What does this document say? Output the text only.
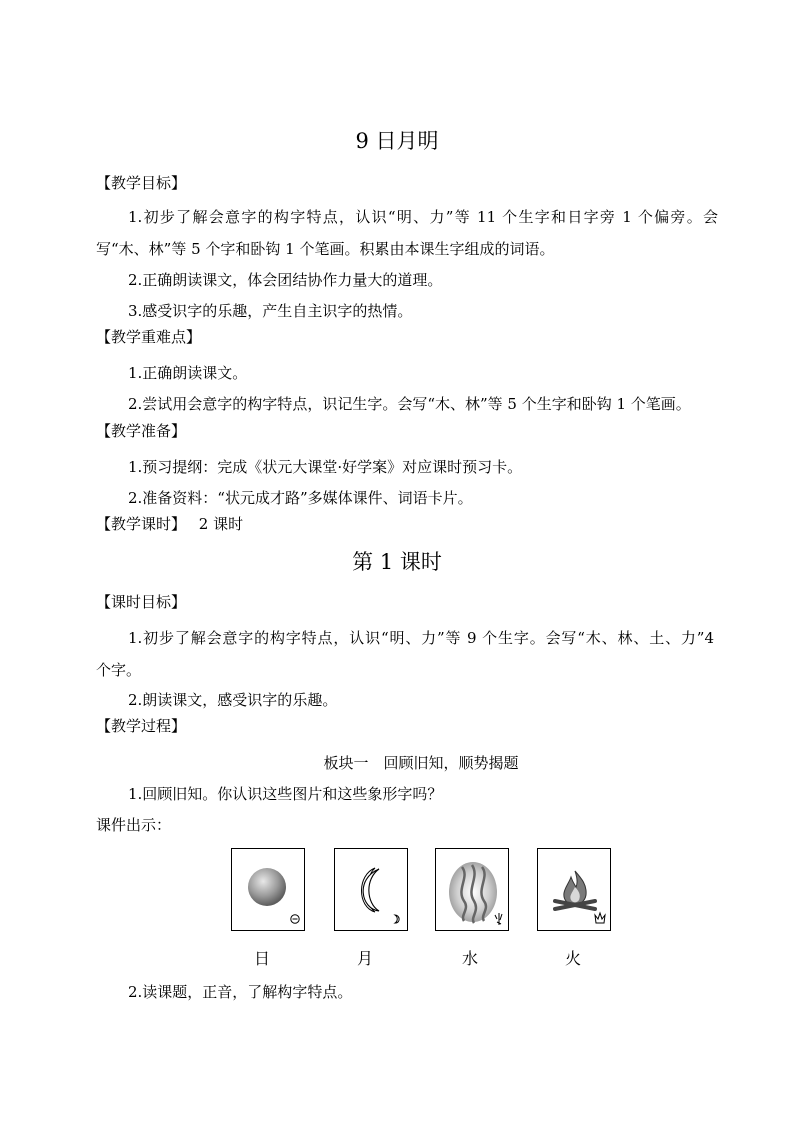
9 日月明
【教学目标】
1.初步了解会意字的构字特点，认识“明、力”等 11 个生字和日字旁 1 个偏旁。会
写“木、林”等 5 个字和卧钩 1 个笔画。积累由本课生字组成的词语。
2.正确朗读课文，体会团结协作力量大的道理。
3.感受识字的乐趣，产生自主识字的热情。
【教学重难点】
1.正确朗读课文。
2.尝试用会意字的构字特点，识记生字。会写“木、林”等 5 个生字和卧钩 1 个笔画。
【教学准备】
1.预习提纲：完成《状元大课堂·好学案》对应课时预习卡。
2.准备资料：“状元成才路”多媒体课件、词语卡片。
【教学课时】 2 课时
第 1 课时
【课时目标】
1.初步了解会意字的构字特点，认识“明、力”等 9 个生字。会写“木、林、土、力”4
个字。
2.朗读课文，感受识字的乐趣。
【教学过程】
板块一　回顾旧知，顺势揭题
1.回顾旧知。你认识这些图片和这些象形字吗？
课件出示：
日	月	水	火
2.读课题，正音，了解构字特点。
